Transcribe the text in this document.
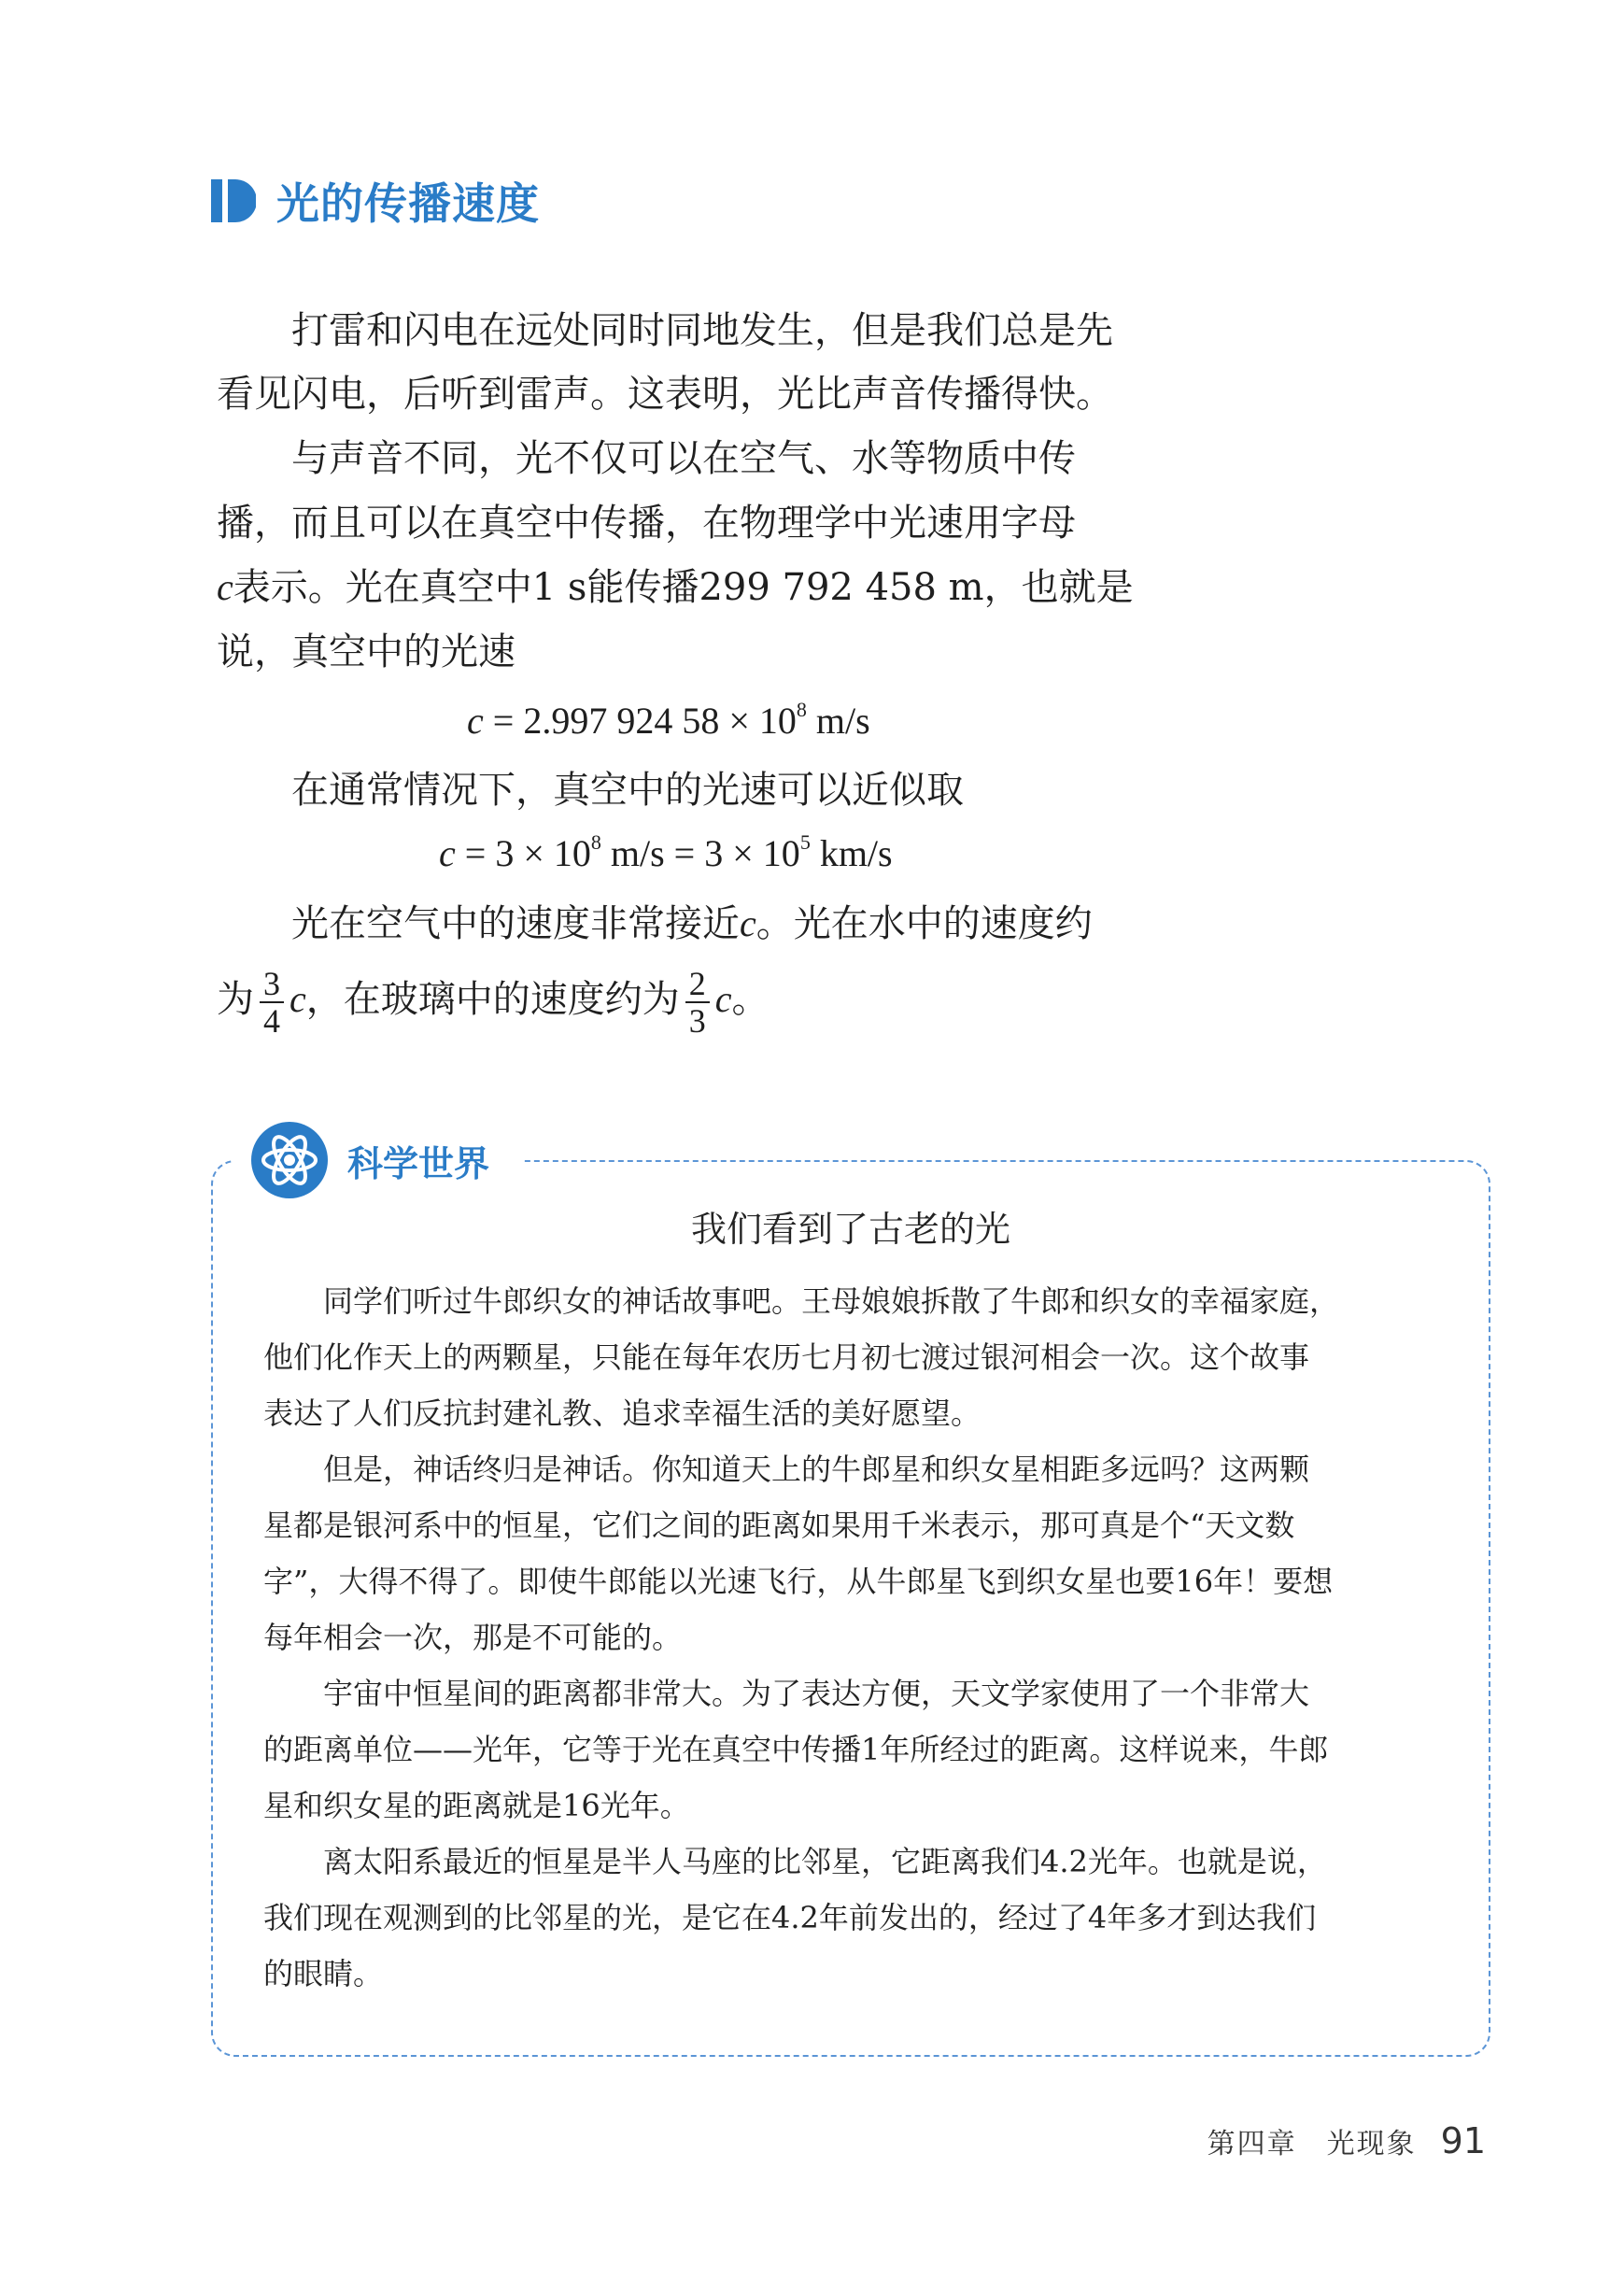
光的传播速度

打雷和闪电在远处同时同地发生，但是我们总是先

看见闪电，后听到雷声。这表明，光比声音传播得快。

与声音不同，光不仅可以在空气、水等物质中传

播，而且可以在真空中传播，在物理学中光速用字母

c表示。光在真空中1 s能传播299 792 458 m，也就是

说，真空中的光速

c = 2.997 924 $58 \times 10^8$ m/s

在通常情况下，真空中的光速可以近似取

$c = 3 \times 10^8$ $m/s = 3 \times 10^5$ km/s

光在空气中的速度非常接近c。光在水中的速度约

为 $\frac{3}{4}$ c，在玻璃中的速度约为 $\frac{2}{3}$ c。

科学世界
我们看到了古老的光

同学们听过牛郎织女的神话故事吧。王母娘娘拆散了牛郎和织女的幸福家庭，

他们化作天上的两颗星，只能在每年农历七月初七渡过银河相会一次。这个故事

表达了人们反抗封建礼教、追求幸福生活的美好愿望。

但是，神话终归是神话。你知道天上的牛郎星和织女星相距多远吗？这两颗

星都是银河系中的恒星，它们之间的距离如果用千米表示，那可真是个“天文数

字”，大得不得了。即使牛郎能以光速飞行，从牛郎星飞到织女星也要16年！要想

每年相会一次，那是不可能的。

宇宙中恒星间的距离都非常大。为了表达方便，天文学家使用了一个非常大

的距离单位——光年，它等于光在真空中传播1年所经过的距离。这样说来，牛郎

星和织女星的距离就是16光年。

离太阳系最近的恒星是半人马座的比邻星，它距离我们4.2光年。也就是说，

我们现在观测到的比邻星的光，是它在4.2年前发出的，经过了4年多才到达我们

的眼睛。

第四章　光现象 91
